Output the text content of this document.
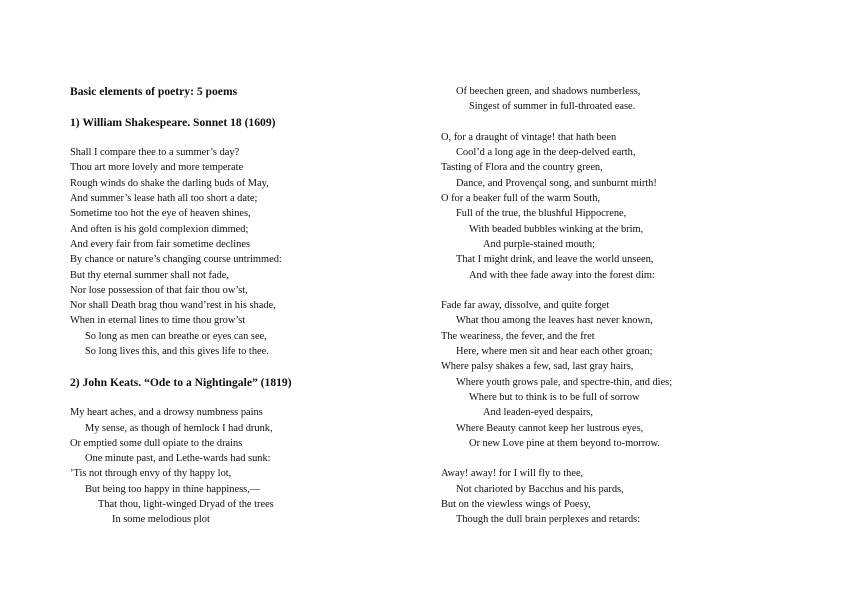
Basic elements of poetry: 5 poems
1) William Shakespeare. Sonnet 18 (1609)
Shall I compare thee to a summer’s day?
Thou art more lovely and more temperate
Rough winds do shake the darling buds of May,
And summer’s lease hath all too short a date;
Sometime too hot the eye of heaven shines,
And often is his gold complexion dimmed;
And every fair from fair sometime declines
By chance or nature’s changing course untrimmed:
But thy eternal summer shall not fade,
Nor lose possession of that fair thou ow’st,
Nor shall Death brag thou wand’rest in his shade,
When in eternal lines to time thou grow’st
So long as men can breathe or eyes can see,
So long lives this, and this gives life to thee.
2) John Keats. “Ode to a Nightingale” (1819)
My heart aches, and a drowsy numbness pains
My sense, as though of hemlock I had drunk,
Or emptied some dull opiate to the drains
One minute past, and Lethe-wards had sunk:
’Tis not through envy of thy happy lot,
But being too happy in thine happiness,—
That thou, light-winged Dryad of the trees
In some melodious plot
Of beechen green, and shadows numberless,
Singest of summer in full-throated ease.
O, for a draught of vintage! that hath been
Cool’d a long age in the deep-delved earth,
Tasting of Flora and the country green,
Dance, and Provençal song, and sunburnt mirth!
O for a beaker full of the warm South,
Full of the true, the blushful Hippocrene,
With beaded bubbles winking at the brim,
And purple-stained mouth;
That I might drink, and leave the world unseen,
And with thee fade away into the forest dim:
Fade far away, dissolve, and quite forget
What thou among the leaves hast never known,
The weariness, the fever, and the fret
Here, where men sit and hear each other groan;
Where palsy shakes a few, sad, last gray hairs,
Where youth grows pale, and spectre-thin, and dies;
Where but to think is to be full of sorrow
And leaden-eyed despairs,
Where Beauty cannot keep her lustrous eyes,
Or new Love pine at them beyond to-morrow.
Away! away! for I will fly to thee,
Not charioted by Bacchus and his pards,
But on the viewless wings of Poesy,
Though the dull brain perplexes and retards:
